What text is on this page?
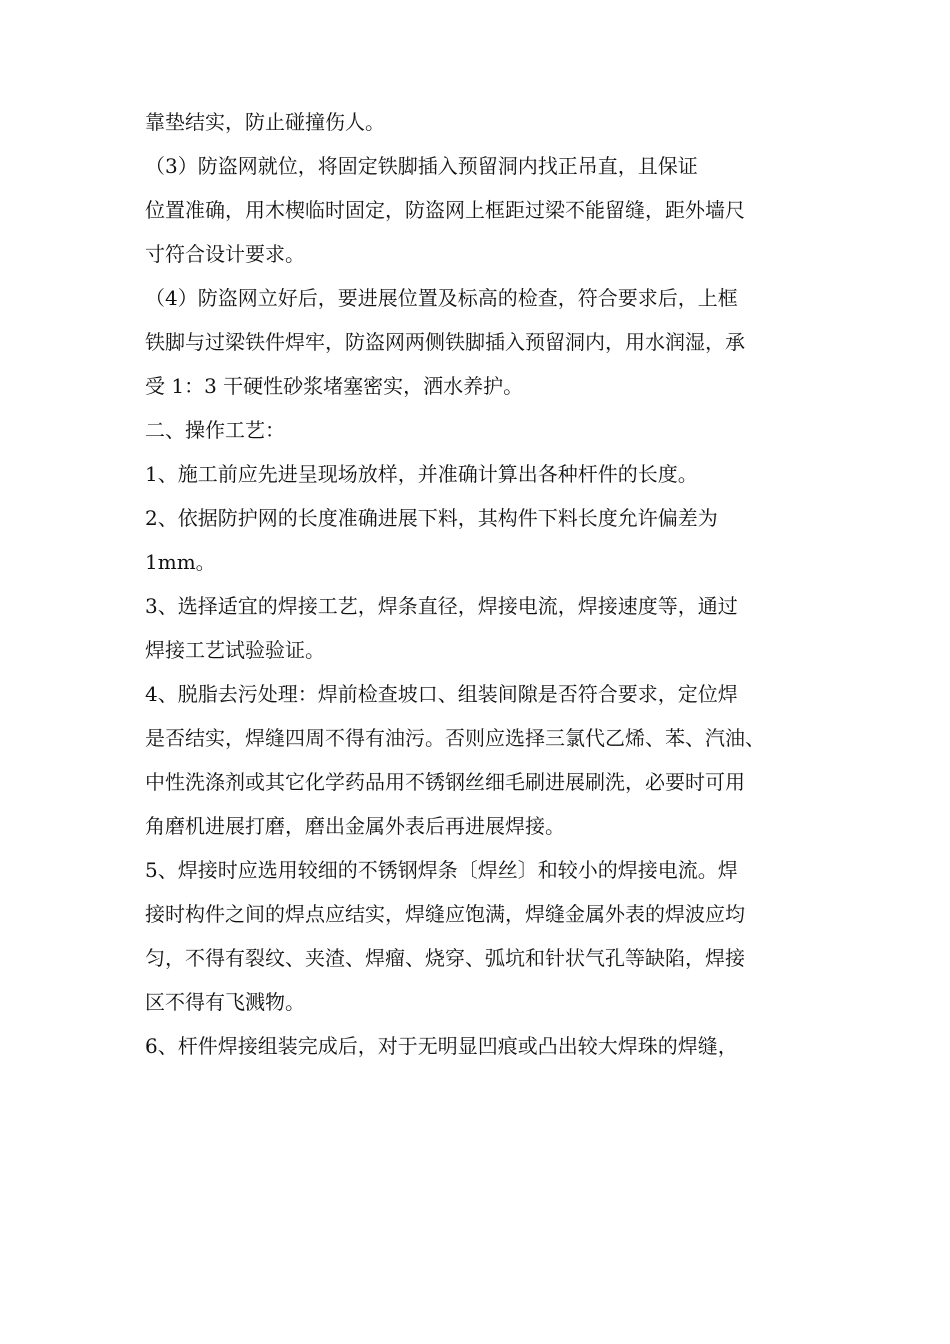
靠垫结实，防止碰撞伤人。
（3）防盗网就位，将固定铁脚插入预留洞内找正吊直，且保证
位置准确，用木楔临时固定，防盗网上框距过梁不能留缝，距外墙尺
寸符合设计要求。
（4）防盗网立好后，要进展位置及标高的检查，符合要求后，上框
铁脚与过梁铁件焊牢，防盗网两侧铁脚插入预留洞内，用水润湿，承
受 1：3 干硬性砂浆堵塞密实，洒水养护。
二、操作工艺：
1、施工前应先进呈现场放样，并准确计算出各种杆件的长度。
2、依据防护网的长度准确进展下料，其构件下料长度允许偏差为
1mm。
3、选择适宜的焊接工艺，焊条直径，焊接电流，焊接速度等，通过
焊接工艺试验验证。
4、脱脂去污处理：焊前检查坡口、组装间隙是否符合要求，定位焊
是否结实，焊缝四周不得有油污。否则应选择三氯代乙烯、苯、汽油、
中性洗涤剂或其它化学药品用不锈钢丝细毛刷进展刷洗，必要时可用
角磨机进展打磨，磨出金属外表后再进展焊接。
5、焊接时应选用较细的不锈钢焊条〔焊丝〕和较小的焊接电流。焊
接时构件之间的焊点应结实，焊缝应饱满，焊缝金属外表的焊波应均
匀，不得有裂纹、夹渣、焊瘤、烧穿、弧坑和针状气孔等缺陷，焊接
区不得有飞溅物。
6、杆件焊接组装完成后，对于无明显凹痕或凸出较大焊珠的焊缝，
